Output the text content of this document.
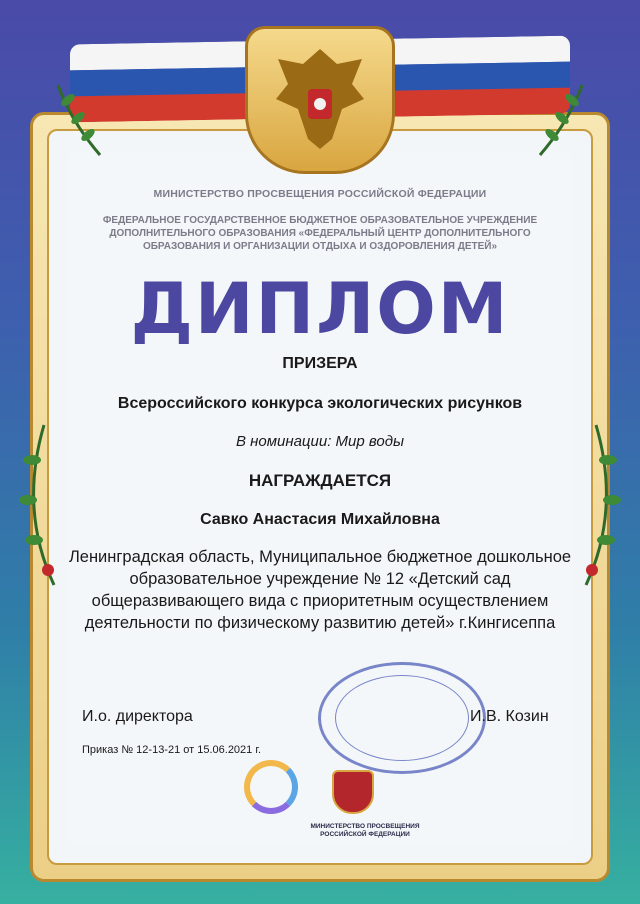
МИНИСТЕРСТВО ПРОСВЕЩЕНИЯ РОССИЙСКОЙ ФЕДЕРАЦИИ
ФЕДЕРАЛЬНОЕ ГОСУДАРСТВЕННОЕ БЮДЖЕТНОЕ ОБРАЗОВАТЕЛЬНОЕ УЧРЕЖДЕНИЕ ДОПОЛНИТЕЛЬНОГО ОБРАЗОВАНИЯ «ФЕДЕРАЛЬНЫЙ ЦЕНТР ДОПОЛНИТЕЛЬНОГО ОБРАЗОВАНИЯ И ОРГАНИЗАЦИИ ОТДЫХА И ОЗДОРОВЛЕНИЯ ДЕТЕЙ»
ДИПЛОМ
ПРИЗЕРА
Всероссийского конкурса экологических рисунков
В номинации: Мир воды
НАГРАЖДАЕТСЯ
Савко Анастасия Михайловна
Ленинградская область, Муниципальное бюджетное дошкольное образовательное учреждение № 12 «Детский сад общеразвивающего вида с приоритетным осуществлением деятельности по физическому развитию детей» г.Кингисеппа
И.о. директора	И.В. Козин
Приказ № 12-13-21 от 15.06.2021 г.
МИНИСТЕРСТВО ПРОСВЕЩЕНИЯ РОССИЙСКОЙ ФЕДЕРАЦИИ
